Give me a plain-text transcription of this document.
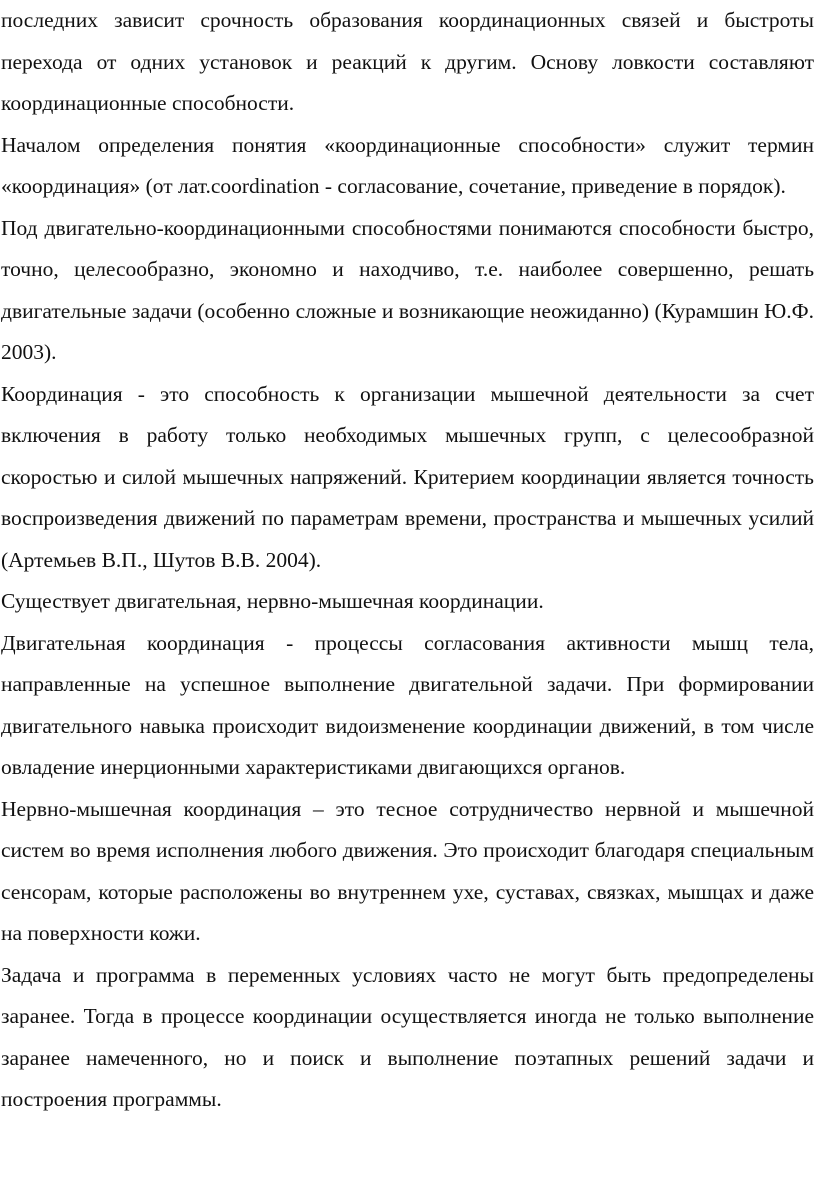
последних зависит срочность образования координационных связей и быстроты перехода от одних установок и реакций к другим. Основу ловкости составляют координационные способности.

Началом определения понятия «координационные способности» служит термин «координация» (от лат.coordination - согласование, сочетание, приведение в порядок).

Под двигательно-координационными способностями понимаются способности быстро, точно, целесообразно, экономно и находчиво, т.е. наиболее совершенно, решать двигательные задачи (особенно сложные и возникающие неожиданно) (Курамшин Ю.Ф. 2003).

Координация - это способность к организации мышечной деятельности за счет включения в работу только необходимых мышечных групп, с целесообразной скоростью и силой мышечных напряжений. Критерием координации является точность воспроизведения движений по параметрам времени, пространства и мышечных усилий (Артемьев В.П., Шутов В.В. 2004).

Существует двигательная, нервно-мышечная координации.

Двигательная координация - процессы согласования активности мышц тела, направленные на успешное выполнение двигательной задачи. При формировании двигательного навыка происходит видоизменение координации движений, в том числе овладение инерционными характеристиками двигающихся органов.

Нервно-мышечная координация – это тесное сотрудничество нервной и мышечной систем во время исполнения любого движения. Это происходит благодаря специальным сенсорам, которые расположены во внутреннем ухе, суставах, связках, мышцах и даже на поверхности кожи.

Задача и программа в переменных условиях часто не могут быть предопределены заранее. Тогда в процессе координации осуществляется иногда не только выполнение заранее намеченного, но и поиск и выполнение поэтапных решений задачи и построения программы.
